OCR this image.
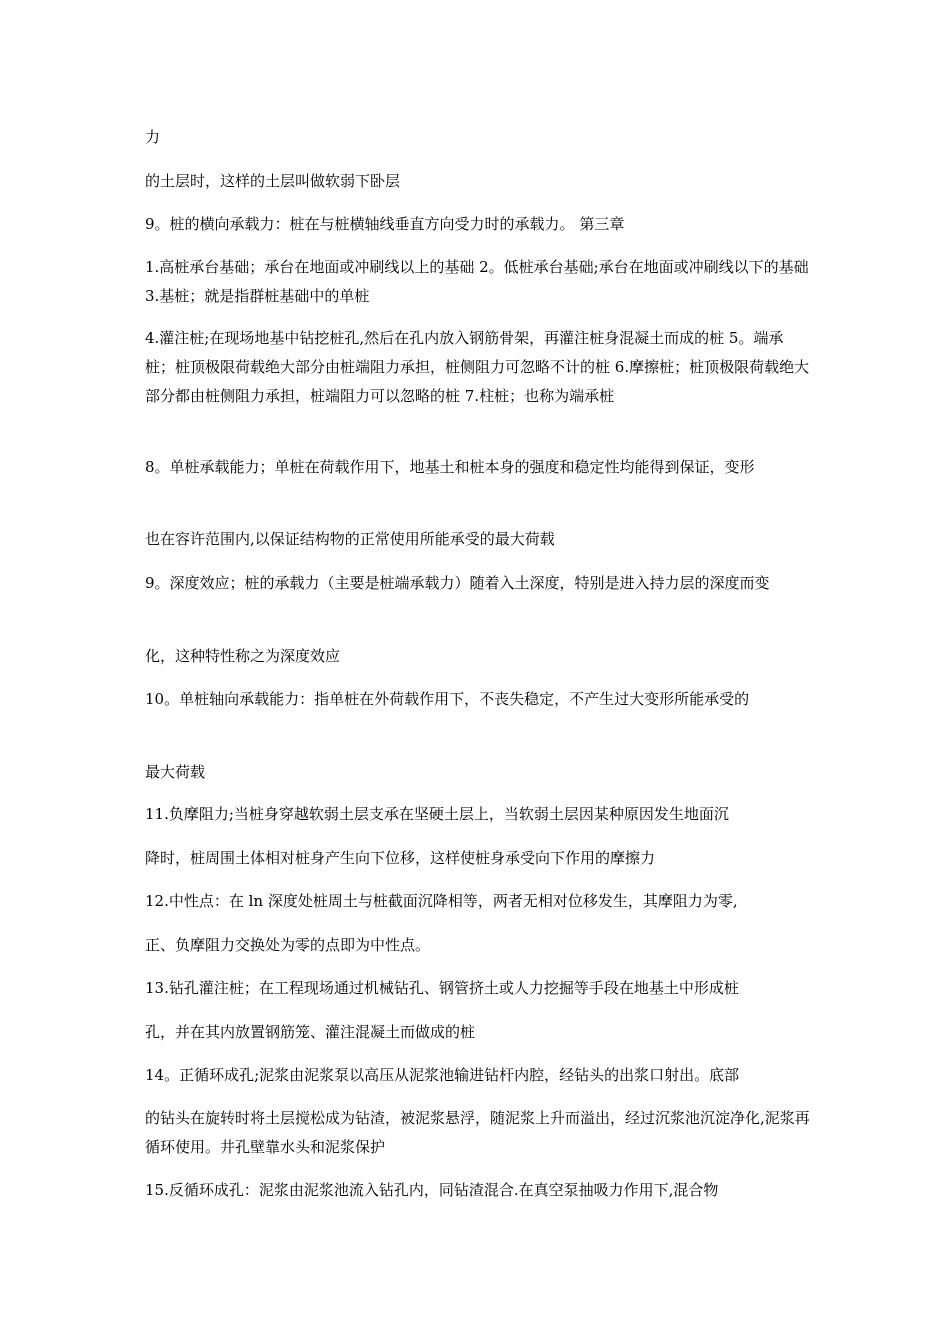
力

的土层时，这样的土层叫做软弱下卧层

9。桩的横向承载力：桩在与桩横轴线垂直方向受力时的承载力。 第三章

1.高桩承台基础；承台在地面或冲刷线以上的基础 2。低桩承台基础;承台在地面或冲刷线以下的基础 3.基桩；就是指群桩基础中的单桩

4.灌注桩;在现场地基中钻挖桩孔,然后在孔内放入钢筋骨架，再灌注桩身混凝土而成的桩 5。端承桩；桩顶极限荷载绝大部分由桩端阻力承担，桩侧阻力可忽略不计的桩 6.摩擦桩；桩顶极限荷载绝大部分都由桩侧阻力承担，桩端阻力可以忽略的桩 7.柱桩；也称为端承桩

8。单桩承载能力；单桩在荷载作用下，地基土和桩本身的强度和稳定性均能得到保证，变形

也在容许范围内,以保证结构物的正常使用所能承受的最大荷载

9。深度效应；桩的承载力（主要是桩端承载力）随着入土深度，特别是进入持力层的深度而变

化，这种特性称之为深度效应

10。单桩轴向承载能力：指单桩在外荷载作用下，不丧失稳定，不产生过大变形所能承受的

最大荷载

11.负摩阻力;当桩身穿越软弱土层支承在坚硬土层上，当软弱土层因某种原因发生地面沉

降时，桩周围土体相对桩身产生向下位移，这样使桩身承受向下作用的摩擦力

12.中性点：在 ln 深度处桩周土与桩截面沉降相等，两者无相对位移发生，其摩阻力为零,

正、负摩阻力交换处为零的点即为中性点。

13.钻孔灌注桩；在工程现场通过机械钻孔、钢管挤土或人力挖掘等手段在地基土中形成桩

孔，并在其内放置钢筋笼、灌注混凝土而做成的桩

14。正循环成孔;泥浆由泥浆泵以高压从泥浆池输进钻杆内腔，经钻头的出浆口射出。底部

的钻头在旋转时将土层搅松成为钻渣，被泥浆悬浮，随泥浆上升而溢出，经过沉浆池沉淀净化,泥浆再循环使用。井孔壁靠水头和泥浆保护

15.反循环成孔：泥浆由泥浆池流入钻孔内，同钻渣混合.在真空泵抽吸力作用下,混合物
